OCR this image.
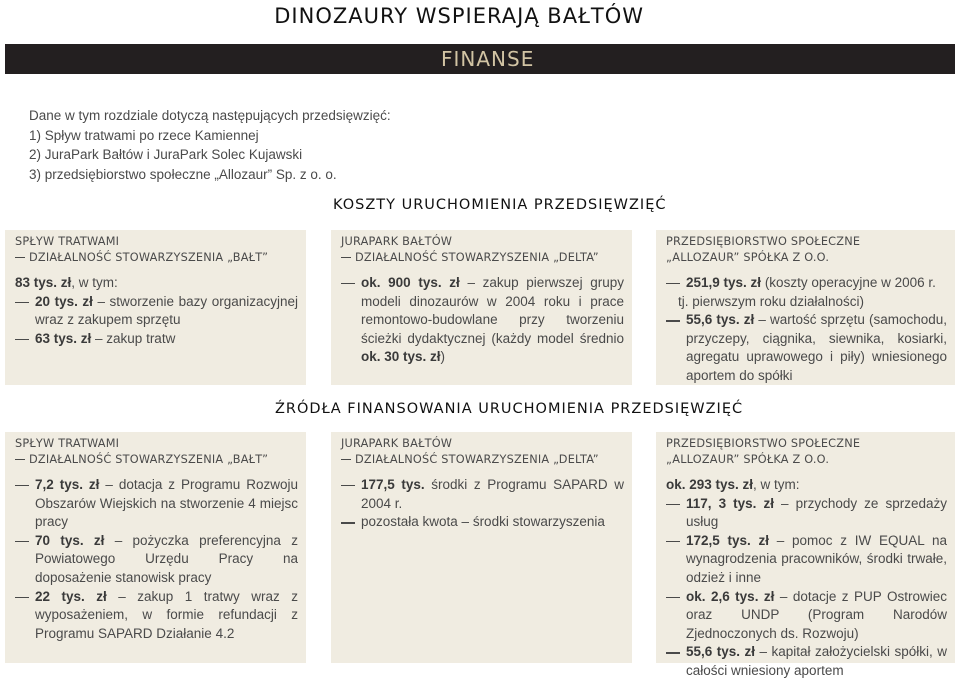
DINOZAURY WSPIERAJĄ BAŁTÓW
FINANSE
Dane w tym rozdziale dotyczą następujących przedsięwzięć:
1) Spływ tratwami po rzece Kamiennej
2) JuraPark Bałtów i JuraPark Solec Kujawski
3) przedsiębiorstwo społeczne „Allozaur” Sp. z o. o.
KOSZTY URUCHOMIENIA PRZEDSIĘWZIĘĆ
SPŁYW TRATWAMI
DZIAŁALNOŚĆ STOWARZYSZENIA „BAŁT”
83 tys. zł, w tym:
20 tys. zł – stworzenie bazy organizacyjnej wraz z zakupem sprzętu
63 tys. zł – zakup tratw
JURAPARK BAŁTÓW
DZIAŁALNOŚĆ STOWARZYSZENIA „DELTA”
ok. 900 tys. zł – zakup pierwszej grupy modeli dinozaurów w 2004 roku i prace remontowo-budowlane przy tworzeniu ścieżki dydaktycznej (każdy model średnio ok. 30 tys. zł)
PRZEDSIĘBIORSTWO SPOŁECZNE
„ALLOZAUR” SPÓŁKA Z O.O.
251,9 tys. zł (koszty operacyjne w 2006 r.
tj. pierwszym roku działalności)
55,6 tys. zł – wartość sprzętu (samochodu, przyczepy, ciągnika, siewnika, kosiarki, agregatu uprawowego i piły) wniesionego aportem do spółki
ŹRÓDŁA FINANSOWANIA URUCHOMIENIA PRZEDSIĘWZIĘĆ
SPŁYW TRATWAMI
DZIAŁALNOŚĆ STOWARZYSZENIA „BAŁT”
7,2 tys. zł – dotacja z Programu Rozwoju Obszarów Wiejskich na stworzenie 4 miejsc pracy
70 tys. zł – pożyczka preferencyjna z Powiatowego Urzędu Pracy na doposażenie stanowisk pracy
22 tys. zł – zakup 1 tratwy wraz z wyposażeniem, w formie refundacji z Programu SAPARD Działanie 4.2
JURAPARK BAŁTÓW
DZIAŁALNOŚĆ STOWARZYSZENIA „DELTA”
177,5 tys. środki z Programu SAPARD w 2004 r.
pozostała kwota – środki stowarzyszenia
PRZEDSIĘBIORSTWO SPOŁECZNE
„ALLOZAUR” SPÓŁKA Z O.O.
ok. 293 tys. zł, w tym:
117, 3 tys. zł – przychody ze sprzedaży usług
172,5 tys. zł – pomoc z IW EQUAL na wynagrodzenia pracowników, środki trwałe, odzież i inne
ok. 2,6 tys. zł – dotacje z PUP Ostrowiec oraz UNDP (Program Narodów Zjednoczonych ds. Rozwoju)
55,6 tys. zł – kapitał założycielski spółki, w całości wniesiony aportem
